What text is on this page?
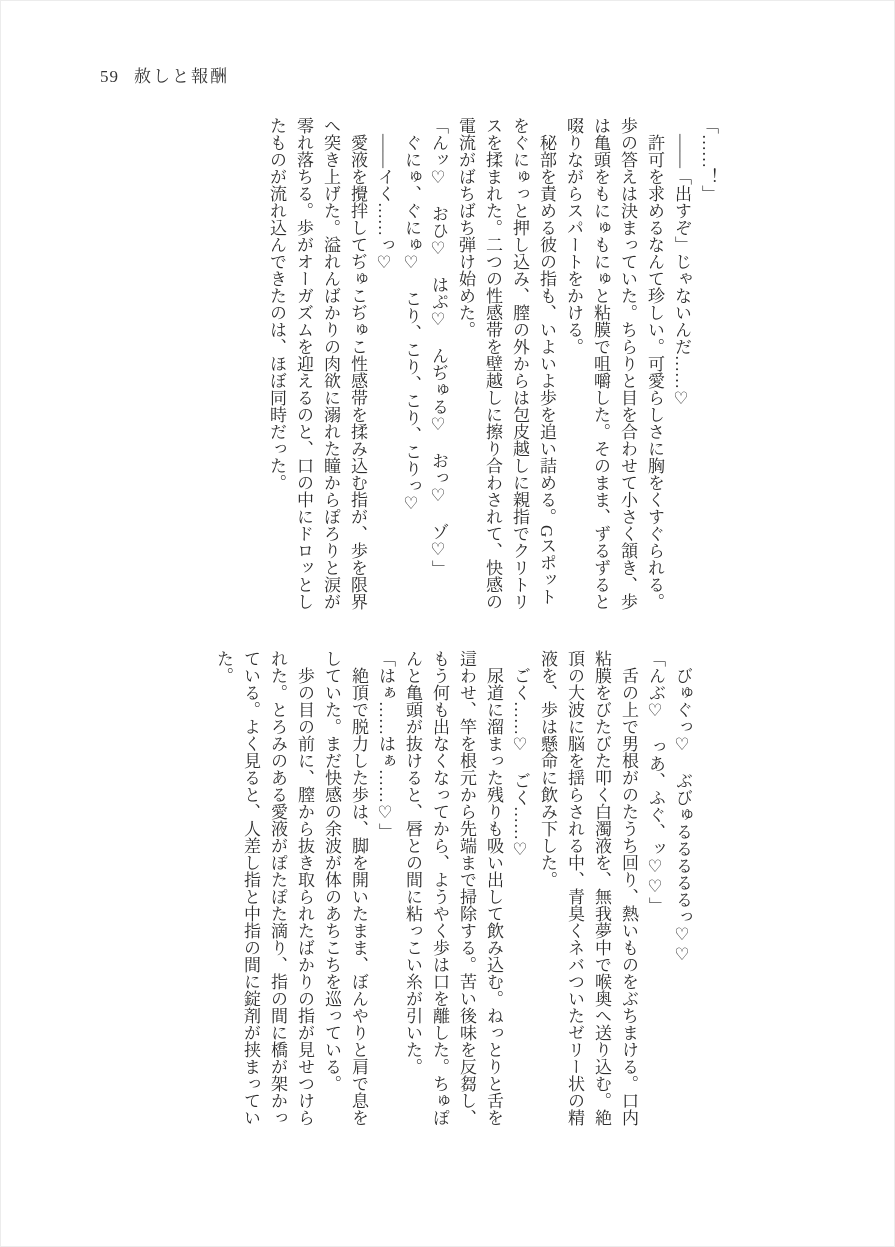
59 赦しと報酬

「……！」

　――「出すぞ」じゃないんだ……♡

　許可を求めるなんて珍しい。可愛らしさに胸をくすぐられる。歩の答えは決まっていた。ちらりと目を合わせて小さく頷き、歩は亀頭をもにゅもにゅと粘膜で咀嚼した。そのまま、ずるずると啜りながらスパートをかける。

　秘部を責める彼の指も、いよいよ歩を追い詰める。Gスポットをぐにゅっと押し込み、膣の外からは包皮越しに親指でクリトリスを揉まれた。二つの性感帯を壁越しに擦り合わされて、快感の電流がばちばち弾け始めた。

「んッ♡　おひ♡　はぷ♡　んぢゅる♡　おっ♡　ゾ♡」

　ぐにゅ、ぐにゅ♡　こり、こり、こり、こりっ♡

　――イく……っ♡

　愛液を攪拌してぢゅこぢゅこ性感帯を揉み込む指が、歩を限界へ突き上げた。溢れんばかりの肉欲に溺れた瞳からぽろりと涙が零れ落ちる。歩がオーガズムを迎えるのと、口の中にドロッとしたものが流れ込んできたのは、ほぼ同時だった。

　びゅぐっ♡　ぶびゅるるるるるっ♡♡

「んぶ♡　っあ、ふぐ、ッ♡♡」

　舌の上で男根がのたうち回り、熱いものをぶちまける。口内粘膜をびたびた叩く白濁液を、無我夢中で喉奥へ送り込む。絶頂の大波に脳を揺らされる中、青臭くネバついたゼリー状の精液を、歩は懸命に飲み下した。

　ごく……♡　ごく……♡

　尿道に溜まった残りも吸い出して飲み込む。ねっとりと舌を這わせ、竿を根元から先端まで掃除する。苦い後味を反芻し、もう何も出なくなってから、ようやく歩は口を離した。ちゅぽんと亀頭が抜けると、唇との間に粘っこい糸が引いた。

「はぁ……はぁ……♡」

　絶頂で脱力した歩は、脚を開いたまま、ぼんやりと肩で息をしていた。まだ快感の余波が体のあちこちを巡っている。

　歩の目の前に、膣から抜き取られたばかりの指が見せつけられた。とろみのある愛液がぽたぽた滴り、指の間に橋が架かっている。よく見ると、人差し指と中指の間に錠剤が挟まっていた。
